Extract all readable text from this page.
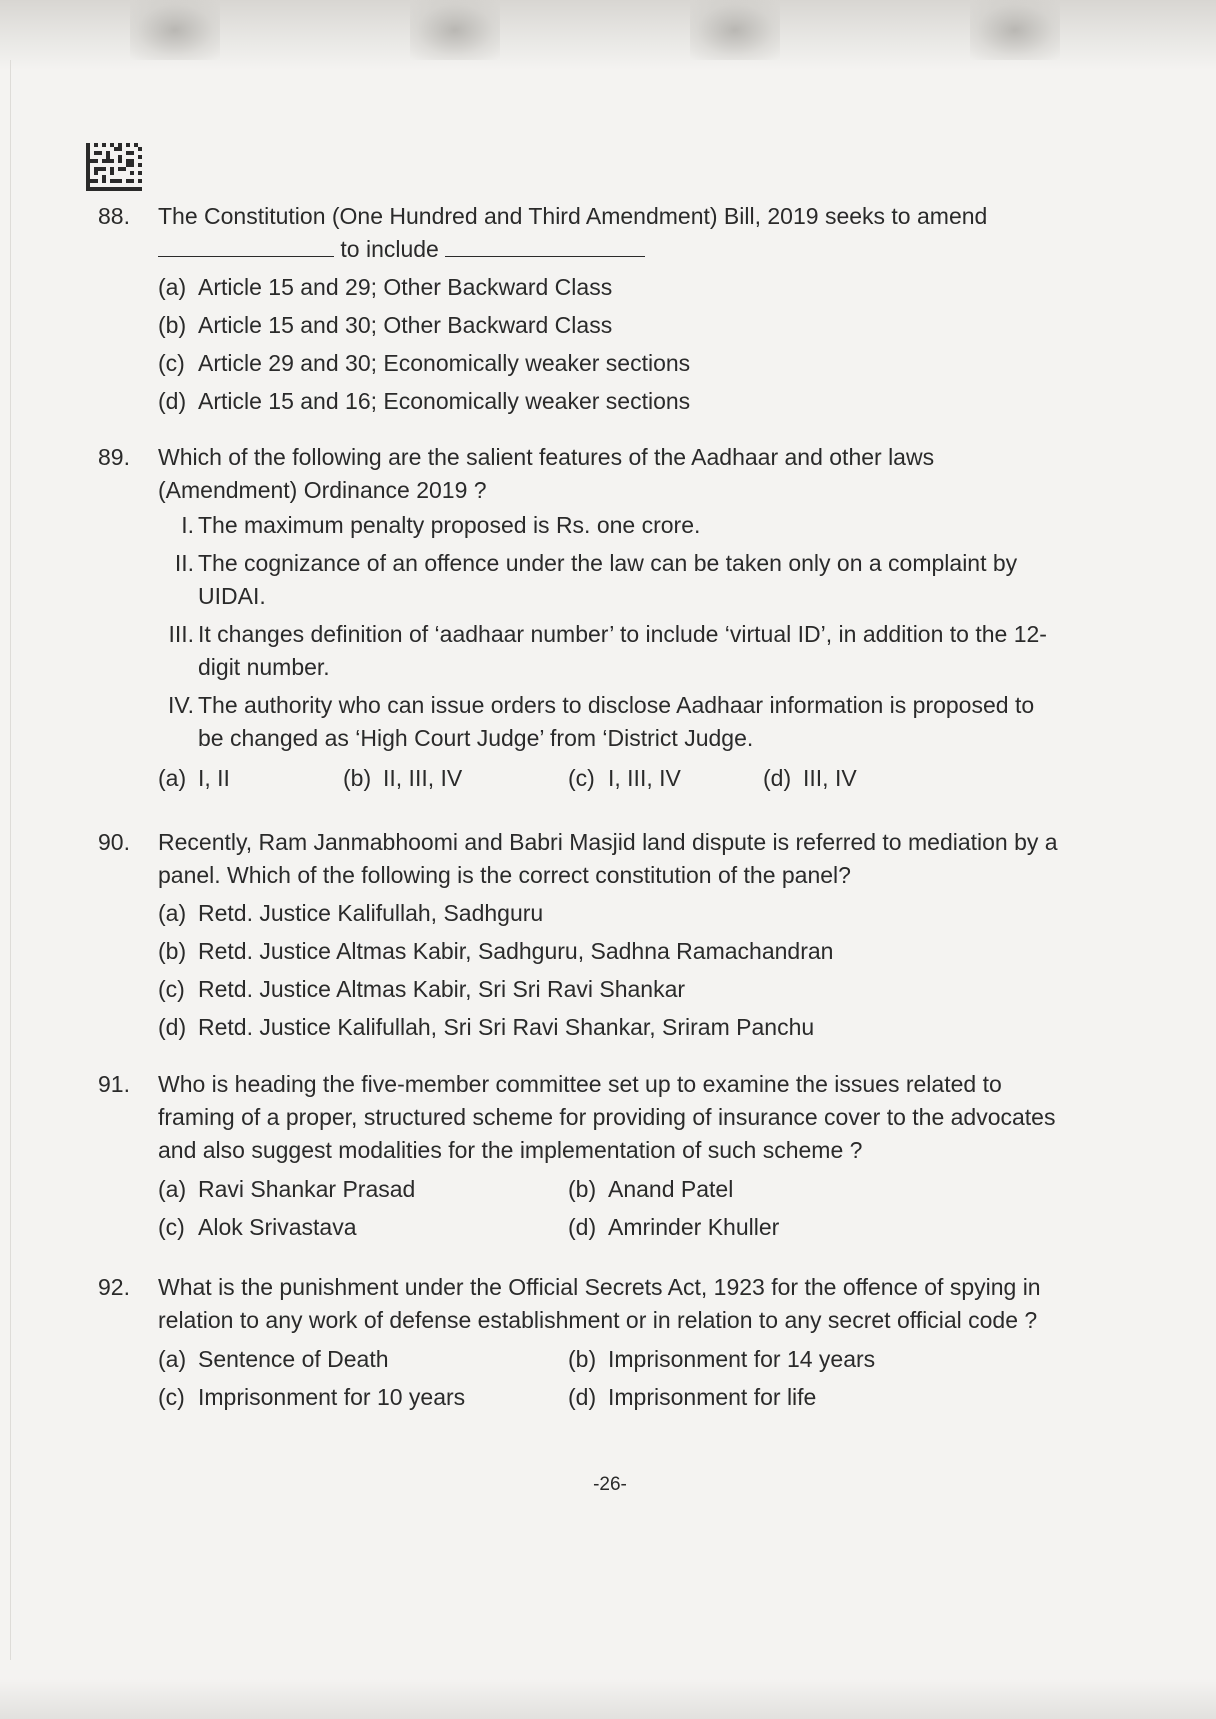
88.	The Constitution (One Hundred and Third Amendment) Bill, 2019 seeks to amend
to include
(a) Article 15 and 29; Other Backward Class
(b) Article 15 and 30; Other Backward Class
(c) Article 29 and 30; Economically weaker sections
(d) Article 15 and 16; Economically weaker sections
89.	Which of the following are the salient features of the Aadhaar and other laws (Amendment) Ordinance 2019 ?
I. The maximum penalty proposed is Rs. one crore.
II. The cognizance of an offence under the law can be taken only on a complaint by UIDAI.
III. It changes definition of ‘aadhaar number’ to include ‘virtual ID’, in addition to the 12-digit number.
IV. The authority who can issue orders to disclose Aadhaar information is proposed to be changed as ‘High Court Judge’ from ‘District Judge.
(a) I, II	(b) II, III, IV	(c) I, III, IV	(d) III, IV
90.	Recently, Ram Janmabhoomi and Babri Masjid land dispute is referred to mediation by a panel. Which of the following is the correct constitution of the panel?
(a) Retd. Justice Kalifullah, Sadhguru
(b) Retd. Justice Altmas Kabir, Sadhguru, Sadhna Ramachandran
(c) Retd. Justice Altmas Kabir, Sri Sri Ravi Shankar
(d) Retd. Justice Kalifullah, Sri Sri Ravi Shankar, Sriram Panchu
91.	Who is heading the five-member committee set up to examine the issues related to framing of a proper, structured scheme for providing of insurance cover to the advocates and also suggest modalities for the implementation of such scheme ?
(a) Ravi Shankar Prasad	(b) Anand Patel
(c) Alok Srivastava	(d) Amrinder Khuller
92.	What is the punishment under the Official Secrets Act, 1923 for the offence of spying in relation to any work of defense establishment or in relation to any secret official code ?
(a) Sentence of Death	(b) Imprisonment for 14 years
(c) Imprisonment for 10 years	(d) Imprisonment for life
-26-
